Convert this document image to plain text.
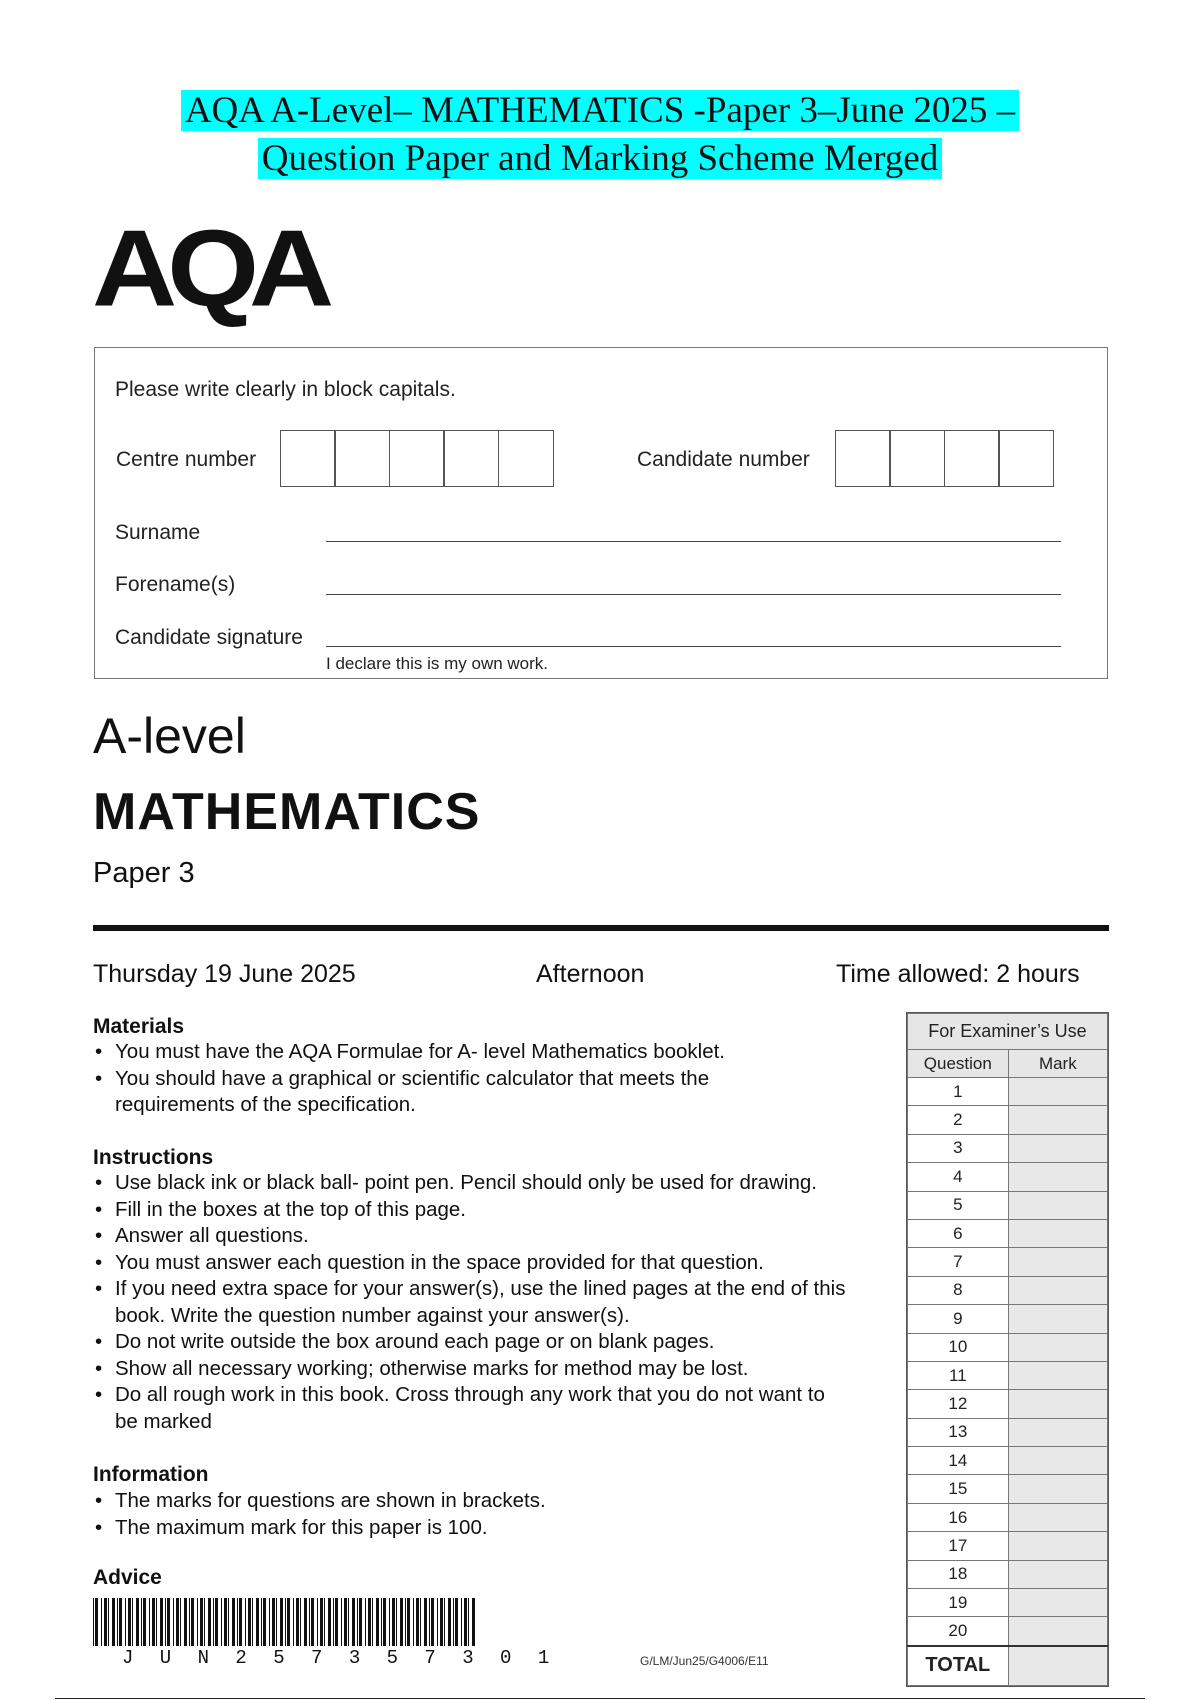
AQA A-Level– MATHEMATICS -Paper 3–June 2025 –
Question Paper and Marking Scheme Merged
AQA
Please write clearly in block capitals.
Centre number	Candidate number
Surname
Forename(s)
Candidate signature
I declare this is my own work.
A-level
MATHEMATICS
Paper 3
Thursday 19 June 2025	Afternoon	Time allowed: 2 hours
Materials
• You must have the AQA Formulae for A- level Mathematics booklet.
• You should have a graphical or scientific calculator that meets the requirements of the specification.
Instructions
• Use black ink or black ball- point pen. Pencil should only be used for drawing.
• Fill in the boxes at the top of this page.
• Answer all questions.
• You must answer each question in the space provided for that question.
• If you need extra space for your answer(s), use the lined pages at the end of this book. Write the question number against your answer(s).
• Do not write outside the box around each page or on blank pages.
• Show all necessary working; otherwise marks for method may be lost.
• Do all rough work in this book. Cross through any work that you do not want to be marked
Information
• The marks for questions are shown in brackets.
• The maximum mark for this paper is 100.
Advice
For Examiner’s Use	
Question	Mark
1	
2	
3	
4	
5	
6	
7	
8	
9	
10	
11	
12	
13	
14	
15	
16	
17	
18	
19	
20	
TOTAL	
J U N 2 5 7 3 5 7 3 0 1	G/LM/Jun25/G4006/E11
